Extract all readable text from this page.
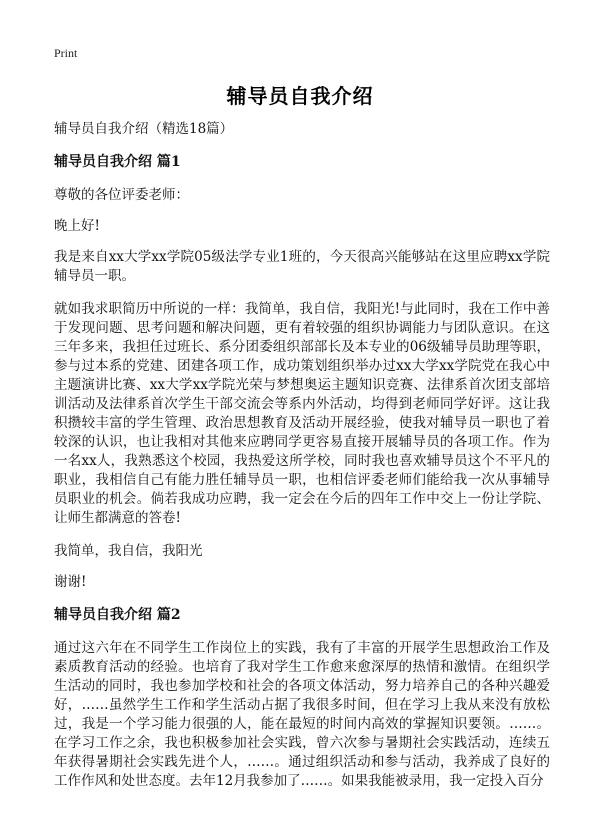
Print
辅导员自我介绍

辅导员自我介绍（精选18篇）

辅导员自我介绍 篇1

尊敬的各位评委老师：

晚上好!

我是来自xx大学xx学院05级法学专业1班的，今天很高兴能够站在这里应聘xx学院辅导员一职。

就如我求职简历中所说的一样：我简单，我自信，我阳光!与此同时，我在工作中善于发现问题、思考问题和解决问题，更有着较强的组织协调能力与团队意识。在这三年多来，我担任过班长、系分团委组织部部长及本专业的06级辅导员助理等职，参与过本系的党建、团建各项工作，成功策划组织举办过xx大学xx学院党在我心中主题演讲比赛、xx大学xx学院光荣与梦想奥运主题知识竞赛、法律系首次团支部培训活动及法律系首次学生干部交流会等系内外活动，均得到老师同学好评。这让我积攒较丰富的学生管理、政治思想教育及活动开展经验，使我对辅导员一职也了着较深的认识，也让我相对其他来应聘同学更容易直接开展辅导员的各项工作。作为一名xx人，我熟悉这个校园，我热爱这所学校，同时我也喜欢辅导员这个不平凡的职业，我相信自己有能力胜任辅导员一职，也相信评委老师们能给我一次从事辅导员职业的机会。倘若我成功应聘，我一定会在今后的四年工作中交上一份让学院、让师生都满意的答卷!

我简单，我自信，我阳光

谢谢!

辅导员自我介绍 篇2

通过这六年在不同学生工作岗位上的实践，我有了丰富的开展学生思想政治工作及素质教育活动的经验。也培育了我对学生工作愈来愈深厚的热情和激情。在组织学生活动的同时，我也参加学校和社会的各项文体活动，努力培养自己的各种兴趣爱好，……虽然学生工作和学生活动占据了我很多时间，但在学习上我从来没有放松过，我是一个学习能力很强的人，能在最短的时间内高效的掌握知识要领。……。在学习工作之余，我也积极参加社会实践，曾六次参与暑期社会实践活动，连续五年获得暑期社会实践先进个人，……。通过组织活动和参与活动，我养成了良好的工作作风和处世态度。去年12月我参加了……。如果我能被录用，我一定投入百分
